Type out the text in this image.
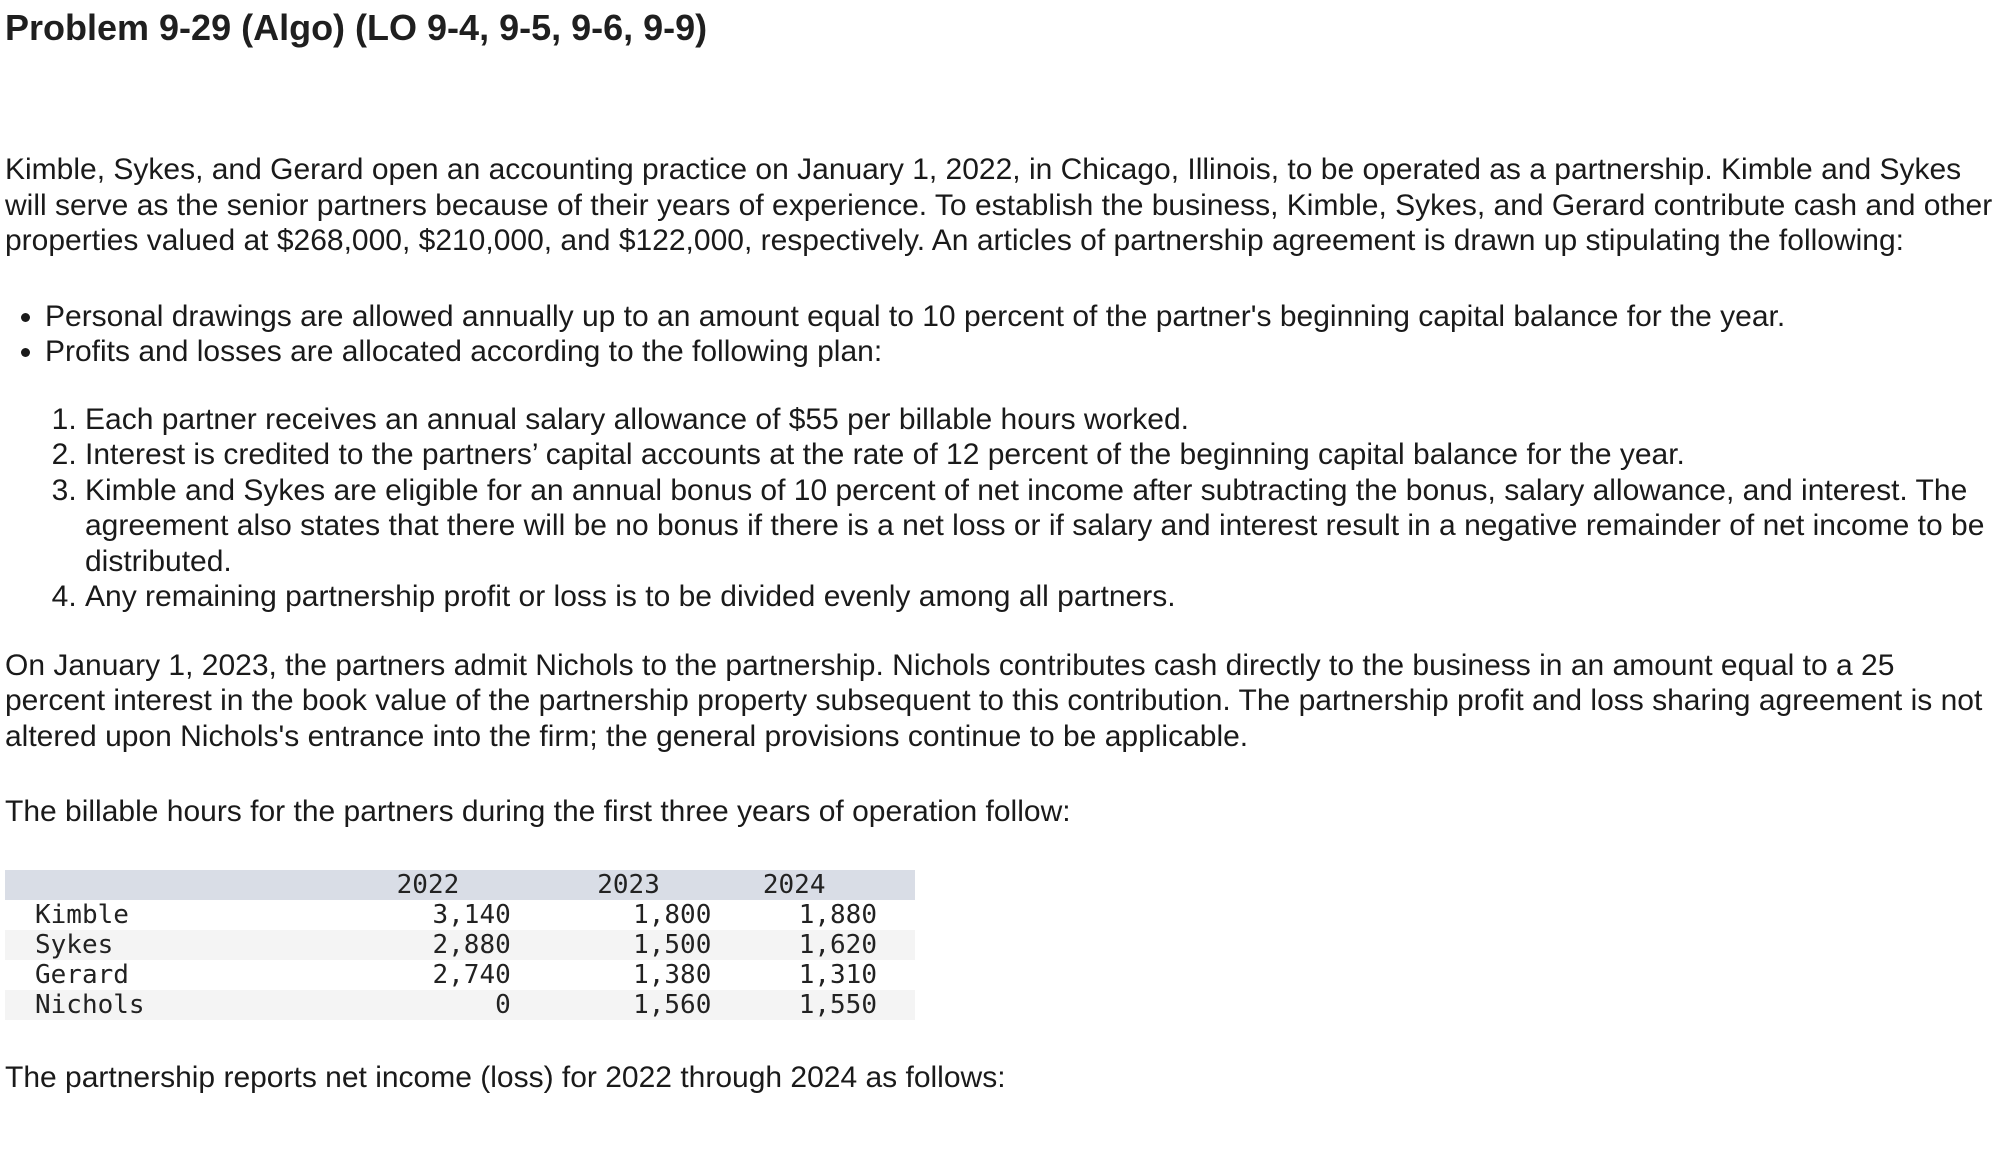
Problem 9-29 (Algo) (LO 9-4, 9-5, 9-6, 9-9)

Kimble, Sykes, and Gerard open an accounting practice on January 1, 2022, in Chicago, Illinois, to be operated as a partnership. Kimble and Sykes will serve as the senior partners because of their years of experience. To establish the business, Kimble, Sykes, and Gerard contribute cash and other properties valued at $268,000, $210,000, and $122,000, respectively. An articles of partnership agreement is drawn up stipulating the following:

• Personal drawings are allowed annually up to an amount equal to 10 percent of the partner's beginning capital balance for the year.
• Profits and losses are allocated according to the following plan:
1. Each partner receives an annual salary allowance of $55 per billable hours worked.
2. Interest is credited to the partners’ capital accounts at the rate of 12 percent of the beginning capital balance for the year.
3. Kimble and Sykes are eligible for an annual bonus of 10 percent of net income after subtracting the bonus, salary allowance, and interest. The agreement also states that there will be no bonus if there is a net loss or if salary and interest result in a negative remainder of net income to be distributed.
4. Any remaining partnership profit or loss is to be divided evenly among all partners.

On January 1, 2023, the partners admit Nichols to the partnership. Nichols contributes cash directly to the business in an amount equal to a 25 percent interest in the book value of the partnership property subsequent to this contribution. The partnership profit and loss sharing agreement is not altered upon Nichols's entrance into the firm; the general provisions continue to be applicable.

The billable hours for the partners during the first three years of operation follow:

	2022	2023	2024
Kimble	3,140	1,800	1,880
Sykes	2,880	1,500	1,620
Gerard	2,740	1,380	1,310
Nichols	0	1,560	1,550

The partnership reports net income (loss) for 2022 through 2024 as follows:
